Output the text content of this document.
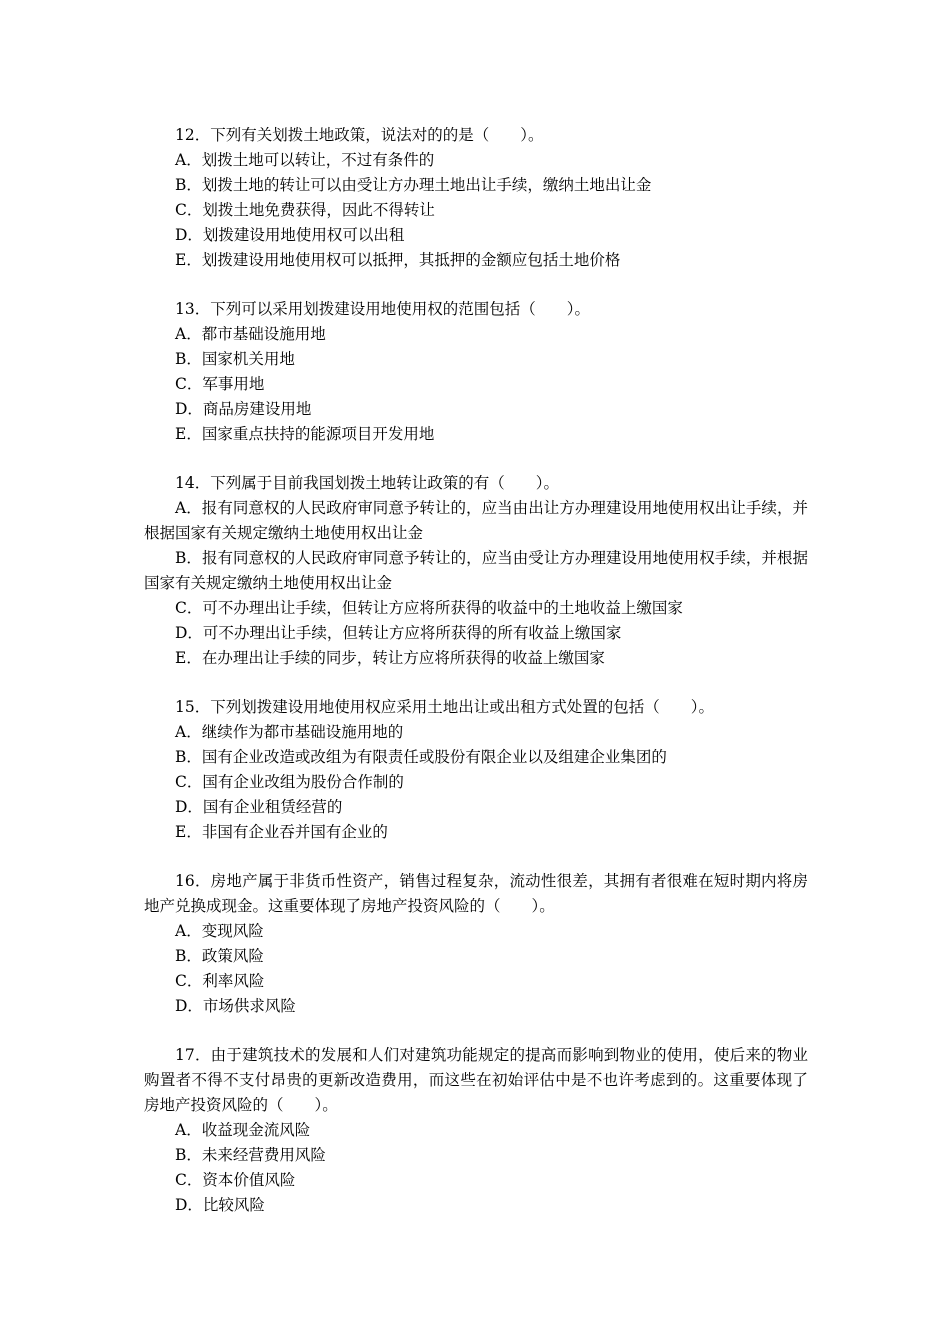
12．下列有关划拨土地政策，说法对的的是（　　）。

A．划拨土地可以转让，不过有条件的

B．划拨土地的转让可以由受让方办理土地出让手续，缴纳土地出让金

C．划拨土地免费获得，因此不得转让

D．划拨建设用地使用权可以出租

E．划拨建设用地使用权可以抵押，其抵押的金额应包括土地价格

13．下列可以采用划拨建设用地使用权的范围包括（　　）。

A．都市基础设施用地

B．国家机关用地

C．军事用地

D．商品房建设用地

E．国家重点扶持的能源项目开发用地

14．下列属于目前我国划拨土地转让政策的有（　　）。

A．报有同意权的人民政府审同意予转让的，应当由出让方办理建设用地使用权出让手续，并根据国家有关规定缴纳土地使用权出让金

B．报有同意权的人民政府审同意予转让的，应当由受让方办理建设用地使用权手续，并根据国家有关规定缴纳土地使用权出让金

C．可不办理出让手续，但转让方应将所获得的收益中的土地收益上缴国家

D．可不办理出让手续，但转让方应将所获得的所有收益上缴国家

E．在办理出让手续的同步，转让方应将所获得的收益上缴国家

15．下列划拨建设用地使用权应采用土地出让或出租方式处置的包括（　　）。

A．继续作为都市基础设施用地的

B．国有企业改造或改组为有限责任或股份有限企业以及组建企业集团的

C．国有企业改组为股份合作制的

D．国有企业租赁经营的

E．非国有企业吞并国有企业的

16．房地产属于非货币性资产，销售过程复杂，流动性很差，其拥有者很难在短时期内将房地产兑换成现金。这重要体现了房地产投资风险的（　　）。

A．变现风险

B．政策风险

C．利率风险

D．市场供求风险

17．由于建筑技术的发展和人们对建筑功能规定的提高而影响到物业的使用，使后来的物业购置者不得不支付昂贵的更新改造费用，而这些在初始评估中是不也许考虑到的。这重要体现了房地产投资风险的（　　）。

A．收益现金流风险

B．未来经营费用风险

C．资本价值风险

D．比较风险
